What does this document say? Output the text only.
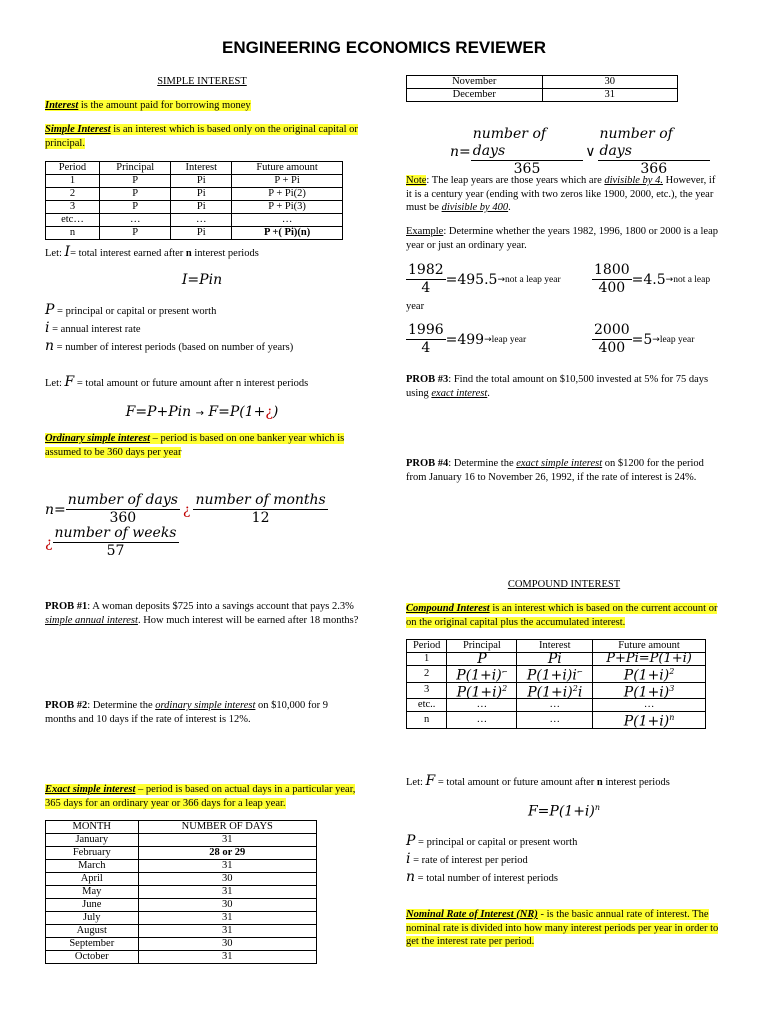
ENGINEERING ECONOMICS REVIEWER

SIMPLE INTEREST

Interest is the amount paid for borrowing money

Simple Interest is an interest which is based only on the original capital or principal.

Period	Principal	Interest	Future amount
1	P	Pi	P + Pi
2	P	Pi	P + Pi(2)
3	P	Pi	P + Pi(3)
etc…	…	…	…
n	P	Pi	P +( Pi)(n)

Let: I= total interest earned after n interest periods

I=Pin

P = principal or capital or present worth

i = annual interest rate

n = number of interest periods (based on number of years)

Let: F = total amount or future amount after n interest periods

F=P+Pin → F=P(1+¿)

Ordinary simple interest – period is based on one banker year which is assumed to be 360 days per year

$n= \frac{\text{number of days}}{360}$ ¿ $\frac{\text{number of months}}{12}$
¿ $\frac{\text{number of weeks}}{57}$

PROB #1: A woman deposits $725 into a savings account that pays 2.3% simple annual interest. How much interest will be earned after 18 months?

PROB #2: Determine the ordinary simple interest on $10,000 for 9 months and 10 days if the rate of interest is 12%.

Exact simple interest – period is based on actual days in a particular year, 365 days for an ordinary year or 366 days for a leap year.

MONTH	NUMBER OF DAYS
January	31
February	28 or 29
March	31
April	30
May	31
June	30
July	31
August	31
September	30
October	31
November	30
December	31
$n= \frac{\text{number of days}}{365}$ ∨ $\frac{\text{number of days}}{366}$

Note: The leap years are those years which are divisible by 4. However, if it is a century year (ending with two zeros like 1900, 2000, etc.), the year must be divisible by 400.

Example: Determine whether the years 1982, 1996, 1800 or 2000 is a leap year or just an ordinary year.

$\frac{1982}{4} =495.5$ → not a leap year $\frac{1800}{400} =4.5$ → not a leap
year
$\frac{1996}{4} =499$ → leap year	$\frac{2000}{400} =5$ → leap year

PROB #3: Find the total amount on $10,500 invested at 5% for 75 days using exact interest.

PROB #4: Determine the exact simple interest on $1200 for the period from January 16 to November 26, 1992, if the rate of interest is 24%.

COMPOUND INTEREST

Compound Interest is an interest which is based on the current account or on the original capital plus the accumulated interest.

Period	Principal	Interest	Future amount
1	P	Pi	P+Pi=P(1+i)
2	P(1+i)⌐	P(1+i)i⌐	$P(1+i)^2$
3	$P(1+i)^2$	$P(1+i)^2i$	$P(1+i)^3$
etc..	…	…	…
n	…	…	$P(1+i)^n$

Let: F = total amount or future amount after n interest periods

$F=P(1+i)^n$

P = principal or capital or present worth

i = rate of interest per period

n = total number of interest periods

Nominal Rate of Interest (NR) - is the basic annual rate of interest. The nominal rate is divided into how many interest periods per year in order to get the interest rate per period.
